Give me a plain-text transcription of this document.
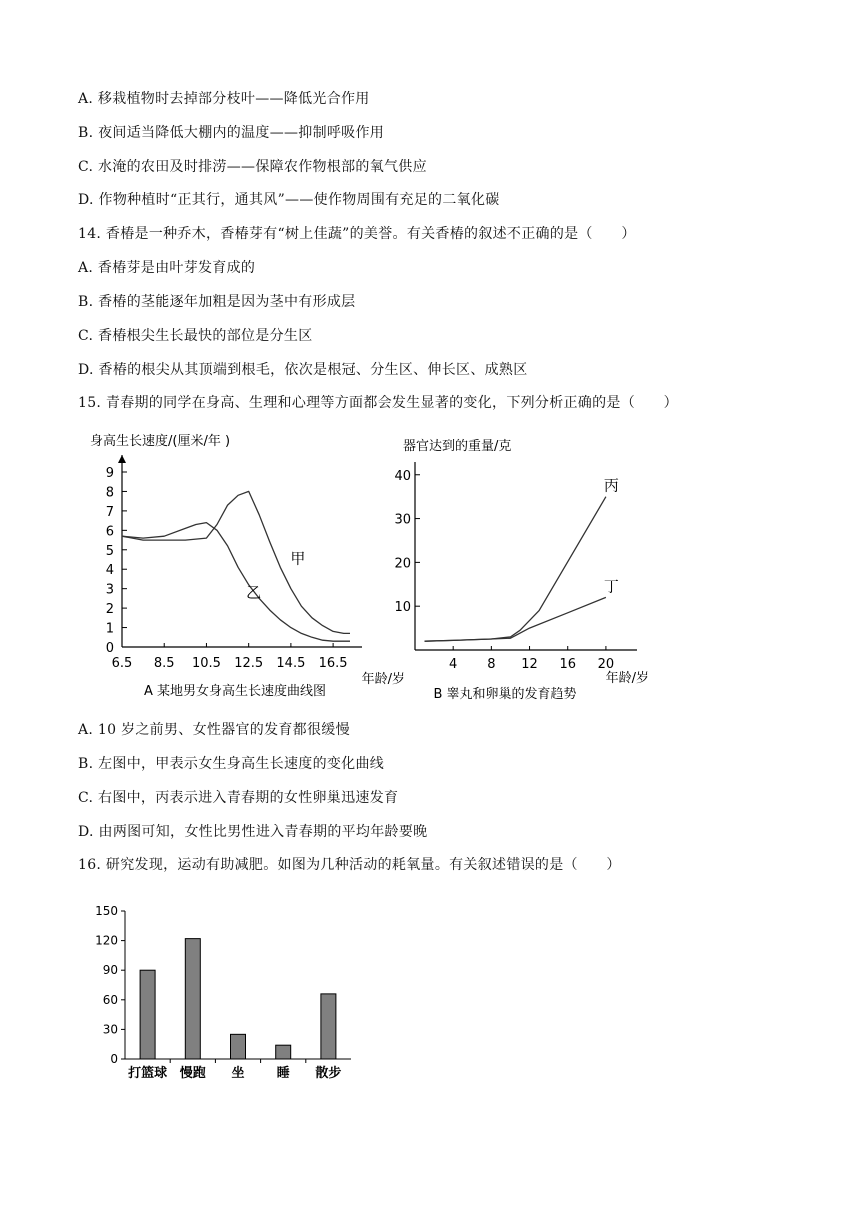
A. 移栽植物时去掉部分枝叶——降低光合作用
B. 夜间适当降低大棚内的温度——抑制呼吸作用
C. 水淹的农田及时排涝——保障农作物根部的氧气供应
D. 作物种植时“正其行，通其风”——使作物周围有充足的二氧化碳
14. 香椿是一种乔木，香椿芽有“树上佳蔬”的美誉。有关香椿的叙述不正确的是（　　）
A. 香椿芽是由叶芽发育成的
B. 香椿的茎能逐年加粗是因为茎中有形成层
C. 香椿根尖生长最快的部位是分生区
D. 香椿的根尖从其顶端到根毛，依次是根冠、分生区、伸长区、成熟区
15. 青春期的同学在身高、生理和心理等方面都会发生显著的变化，下列分析正确的是（　　）
身高生长速度/(厘米/年 )
年龄/岁
A 某地男女身高生长速度曲线图
0
1
2
3
4
5
6
7
8
9
6.5 8.5 10.5 12.5 14.5 16.5
甲
乙
器官达到的重量/克
年龄/岁
B 睾丸和卵巢的发育趋势
10
20
30
40
4 8 12 16 20
丙
丁
A. 10 岁之前男、女性器官的发育都很缓慢
B. 左图中，甲表示女生身高生长速度的变化曲线
C. 右图中，丙表示进入青春期的女性卵巢迅速发育
D. 由两图可知，女性比男性进入青春期的平均年龄要晚
16. 研究发现，运动有助减肥。如图为几种活动的耗氧量。有关叙述错误的是（　　）
0
30
60
90
120
150
打篮球 慢跑 坐 睡 散步
